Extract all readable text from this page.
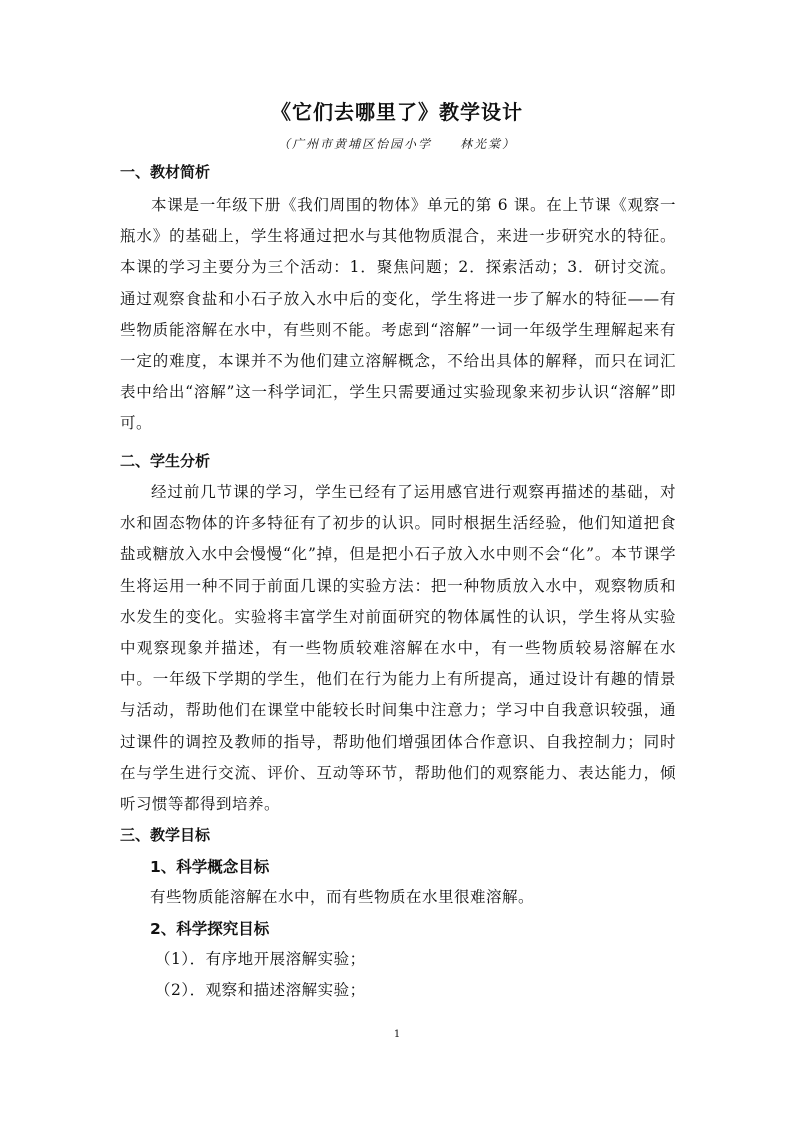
《它们去哪里了》教学设计
（广州市黄埔区怡园小学　　林光棠）
一、教材简析

本课是一年级下册《我们周围的物体》单元的第 6 课。在上节课《观察一瓶水》的基础上，学生将通过把水与其他物质混合，来进一步研究水的特征。本课的学习主要分为三个活动：1．聚焦问题；2．探索活动；3．研讨交流。通过观察食盐和小石子放入水中后的变化，学生将进一步了解水的特征——有些物质能溶解在水中，有些则不能。考虑到“溶解”一词一年级学生理解起来有一定的难度，本课并不为他们建立溶解概念，不给出具体的解释，而只在词汇表中给出“溶解”这一科学词汇，学生只需要通过实验现象来初步认识“溶解”即可。

二、学生分析

经过前几节课的学习，学生已经有了运用感官进行观察再描述的基础，对水和固态物体的许多特征有了初步的认识。同时根据生活经验，他们知道把食盐或糖放入水中会慢慢“化”掉，但是把小石子放入水中则不会“化”。本节课学生将运用一种不同于前面几课的实验方法：把一种物质放入水中，观察物质和水发生的变化。实验将丰富学生对前面研究的物体属性的认识，学生将从实验中观察现象并描述，有一些物质较难溶解在水中，有一些物质较易溶解在水中。一年级下学期的学生，他们在行为能力上有所提高，通过设计有趣的情景与活动，帮助他们在课堂中能较长时间集中注意力；学习中自我意识较强，通过课件的调控及教师的指导，帮助他们增强团体合作意识、自我控制力；同时在与学生进行交流、评价、互动等环节，帮助他们的观察能力、表达能力，倾听习惯等都得到培养。

三、教学目标
1、科学概念目标
有些物质能溶解在水中，而有些物质在水里很难溶解。
2、科学探究目标
（1）．有序地开展溶解实验；
（2）．观察和描述溶解实验；
1
